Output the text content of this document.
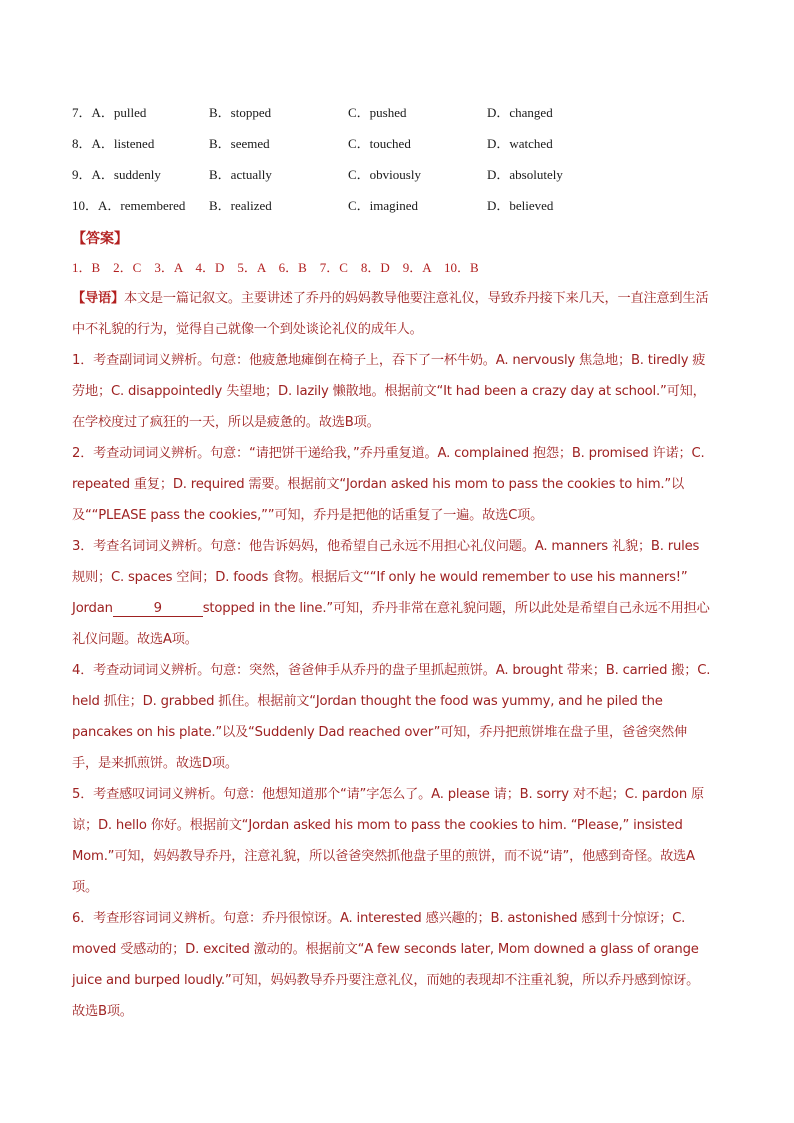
7．A．pulled	B．stopped	C．pushed	D．changed
8．A．listened	B．seemed	C．touched	D．watched
9．A．suddenly	B．actually	C．obviously	D．absolutely
10．A．remembered	B．realized	C．imagined	D．believed
【答案】
1．B　2．C　3．A　4．D　5．A　6．B　7．C　8．D　9．A　10．B

【导语】本文是一篇记叙文。主要讲述了乔丹的妈妈教导他要注意礼仪，导致乔丹接下来几天，一直注意到生活中不礼貌的行为，觉得自己就像一个到处谈论礼仪的成年人。

1．考查副词词义辨析。句意：他疲惫地瘫倒在椅子上，吞下了一杯牛奶。A. nervously 焦急地；B. tiredly 疲劳地；C. disappointedly 失望地；D. lazily 懒散地。根据前文“It had been a crazy day at school.”可知，在学校度过了疯狂的一天，所以是疲惫的。故选B项。

2．考查动词词义辨析。句意：“请把饼干递给我，”乔丹重复道。A. complained 抱怨；B. promised 许诺；C. repeated 重复；D. required 需要。根据前文“Jordan asked his mom to pass the cookies to him.”以及““PLEASE pass the cookies,””可知，乔丹是把他的话重复了一遍。故选C项。

3．考查名词词义辨析。句意：他告诉妈妈，他希望自己永远不用担心礼仪问题。A. manners 礼貌；B. rules 规则；C. spaces 空间；D. foods 食物。根据后文““If only he would remember to use his manners!” Jordan	9	stopped in the line.”可知，乔丹非常在意礼貌问题，所以此处是希望自己永远不用担心礼仪问题。故选A项。

4．考查动词词义辨析。句意：突然，爸爸伸手从乔丹的盘子里抓起煎饼。A. brought 带来；B. carried 搬；C. held 抓住；D. grabbed 抓住。根据前文“Jordan thought the food was yummy, and he piled the pancakes on his plate.”以及“Suddenly Dad reached over”可知，乔丹把煎饼堆在盘子里，爸爸突然伸手，是来抓煎饼。故选D项。

5．考查感叹词词义辨析。句意：他想知道那个“请”字怎么了。A. please 请；B. sorry 对不起；C. pardon 原谅；D. hello 你好。根据前文“Jordan asked his mom to pass the cookies to him. “Please,” insisted Mom.”可知，妈妈教导乔丹，注意礼貌，所以爸爸突然抓他盘子里的煎饼，而不说“请”，他感到奇怪。故选A项。

6．考查形容词词义辨析。句意：乔丹很惊讶。A. interested 感兴趣的；B. astonished 感到十分惊讶；C. moved 受感动的；D. excited 激动的。根据前文“A few seconds later, Mom downed a glass of orange juice and burped loudly.”可知，妈妈教导乔丹要注意礼仪，而她的表现却不注重礼貌，所以乔丹感到惊讶。故选B项。
